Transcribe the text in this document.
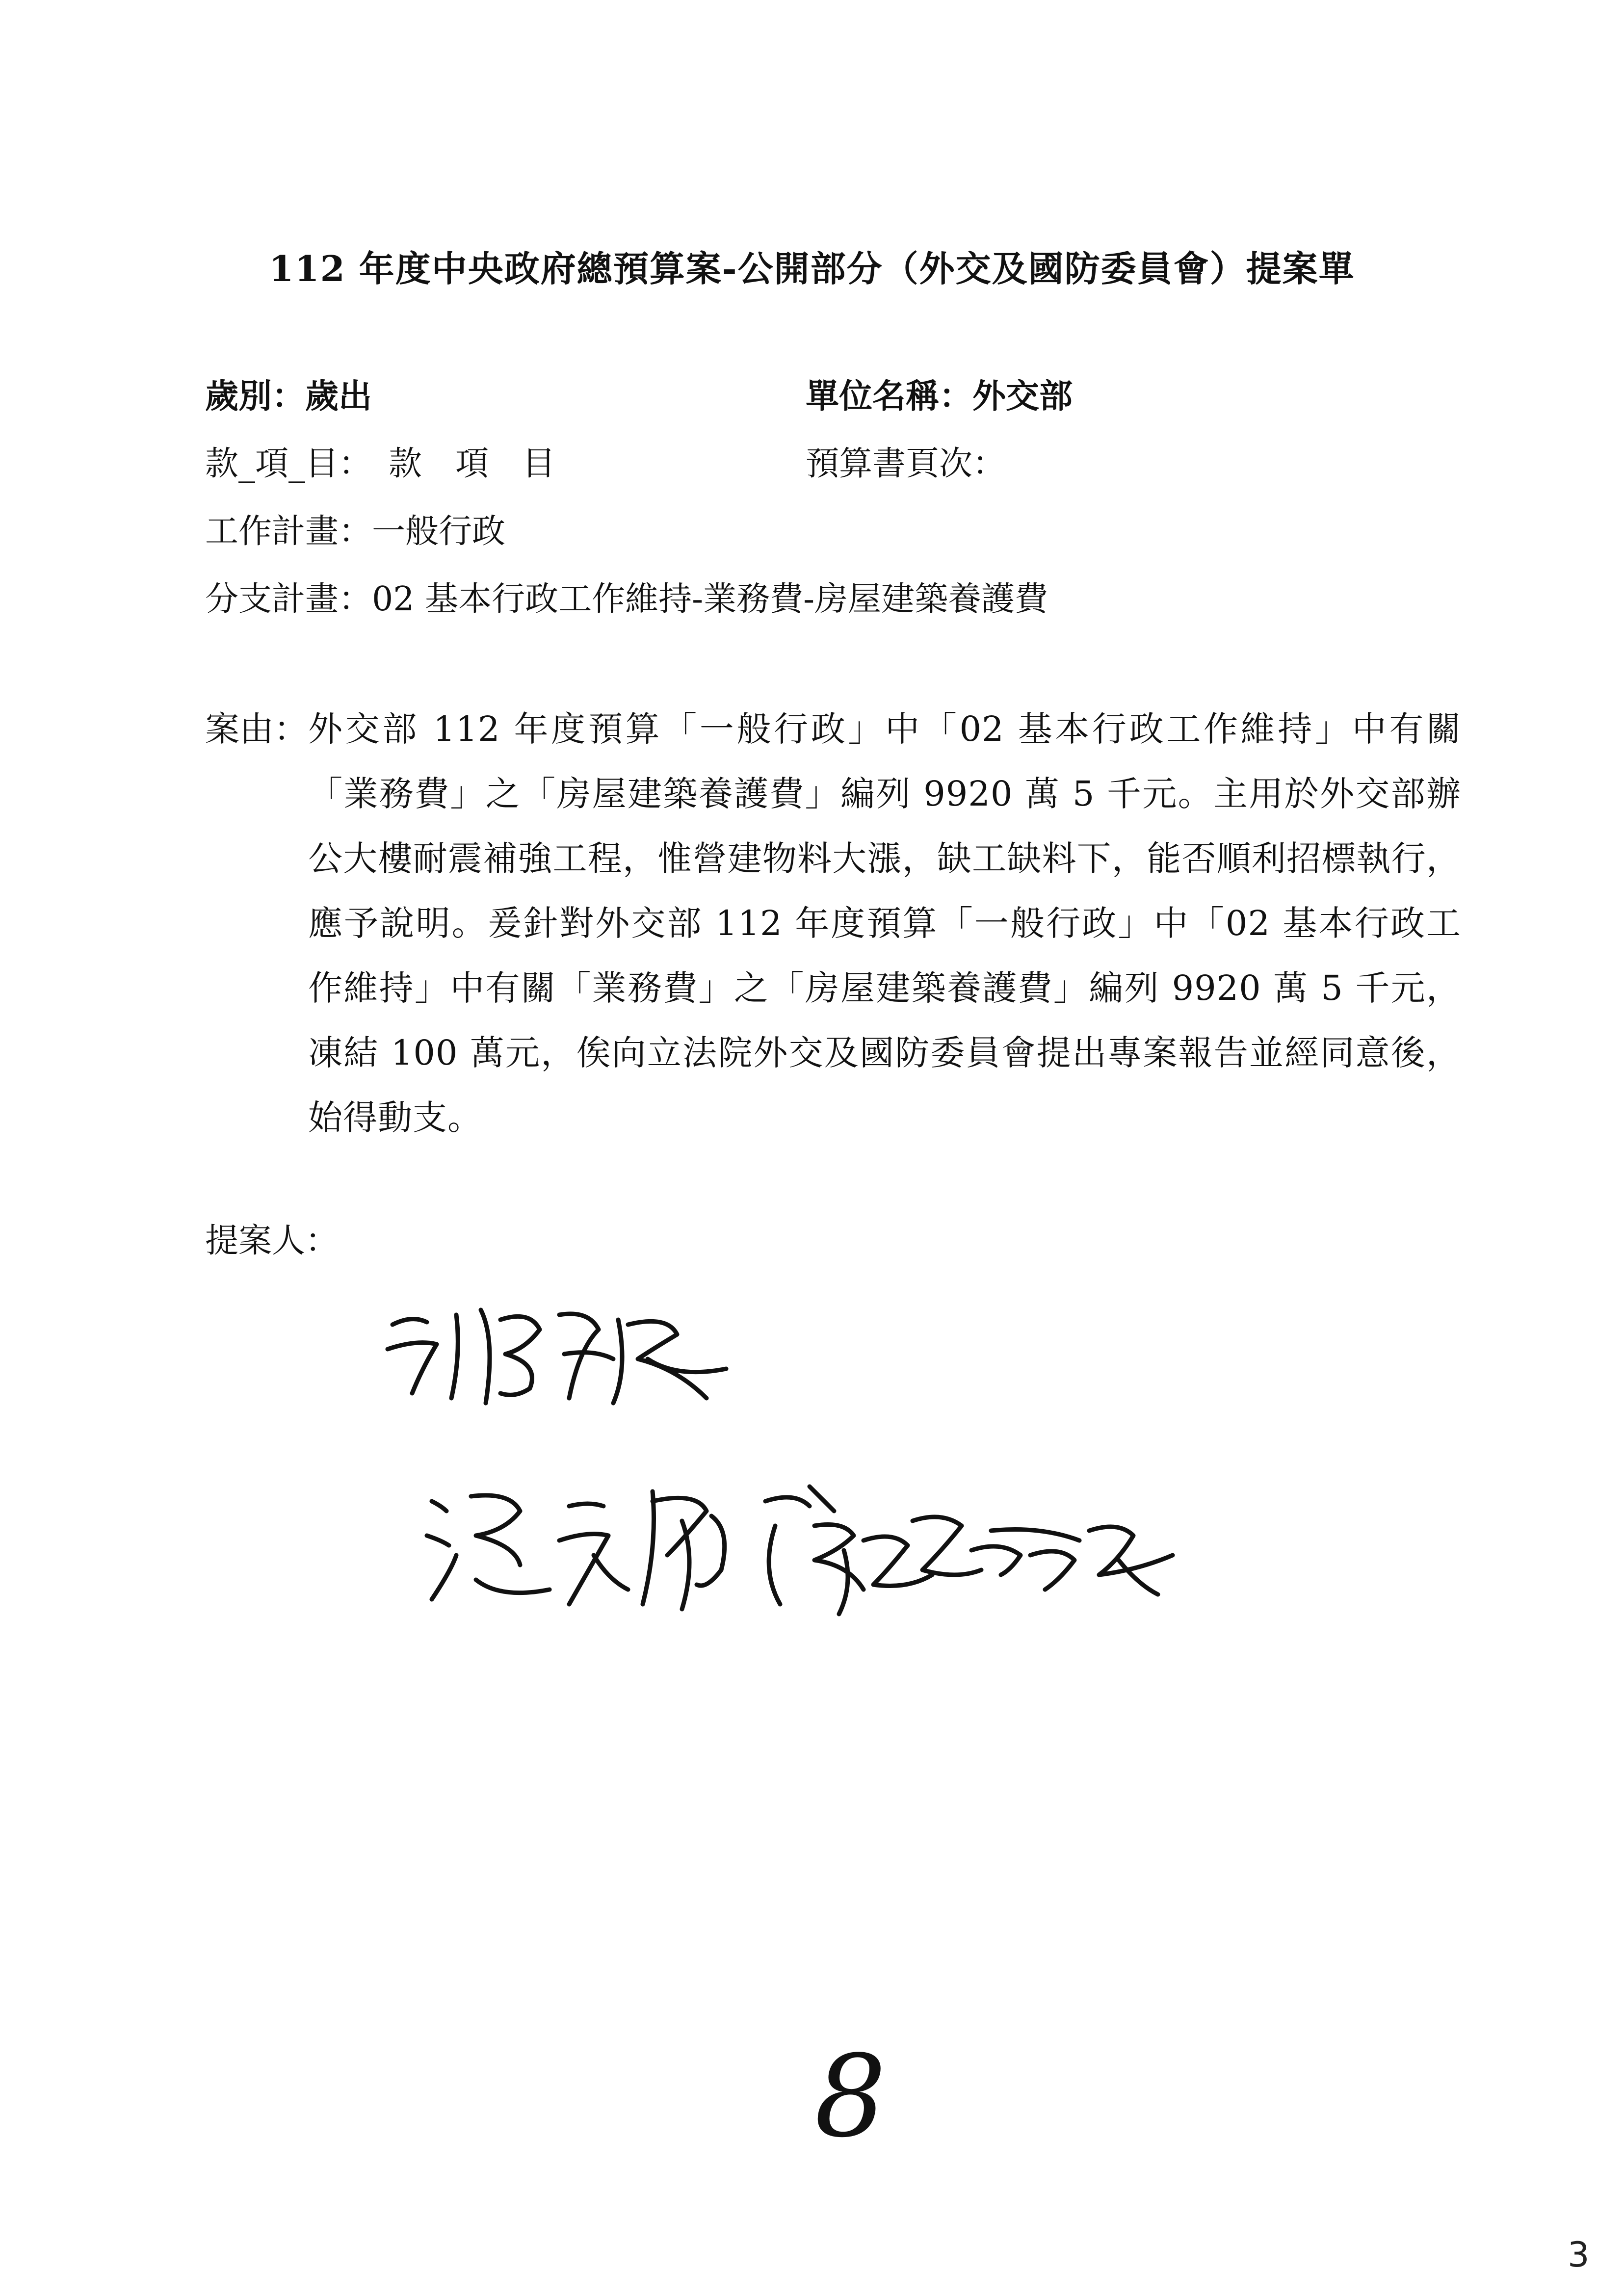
112 年度中央政府總預算案-公開部分（外交及國防委員會）提案單
歲別：歲出	單位名稱：外交部
款_項_目：　款　項　目	預算書頁次：
工作計畫：一般行政
分支計畫：02 基本行政工作維持-業務費-房屋建築養護費
案由： 外交部 112 年度預算「一般行政」中「02 基本行政工作維持」中有關「業務費」之「房屋建築養護費」編列 9920 萬 5 千元。主用於外交部辦公大樓耐震補強工程，惟營建物料大漲，缺工缺料下，能否順利招標執行，應予說明。爰針對外交部 112 年度預算「一般行政」中「02 基本行政工作維持」中有關「業務費」之「房屋建築養護費」編列 9920 萬 5 千元，凍結 100 萬元，俟向立法院外交及國防委員會提出專案報告並經同意後，始得動支。
提案人：
8
3
